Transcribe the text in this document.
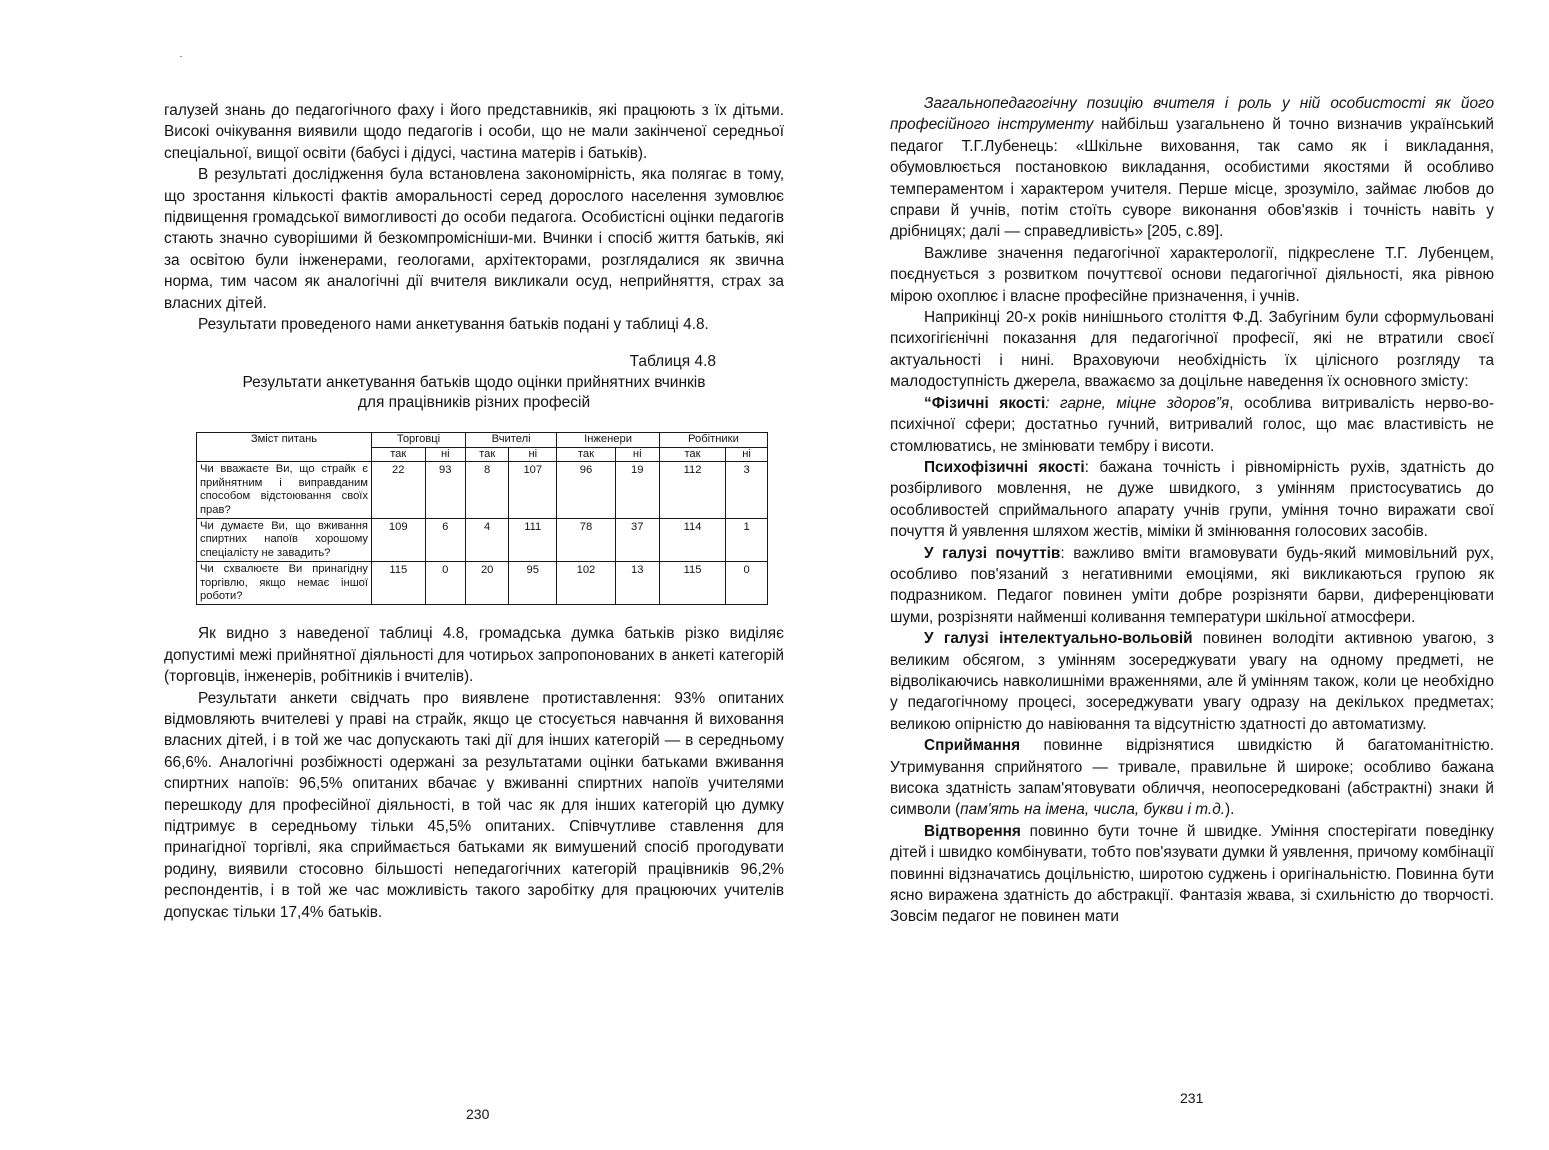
галузей знань до педагогічного фаху і його представників, які працюють з їх дітьми. Високі очікування виявили щодо педагогів і особи, що не мали закінченої середньої спеціальної, вищої освіти (бабусі і дідусі, частина матерів і батьків).

В результаті дослідження була встановлена закономірність, яка полягає в тому, що зростання кількості фактів аморальності серед дорослого населення зумовлює підвищення громадської вимогливості до особи педагога. Особистісні оцінки педагогів стають значно суворішими й безкомпромісніши-ми. Вчинки і спосіб життя батьків, які за освітою були інженерами, геологами, архітекторами, розглядалися як звична норма, тим часом як аналогічні дії вчителя викликали осуд, неприйняття, страх за власних дітей.

Результати проведеного нами анкетування батьків подані у таблиці 4.8.

Таблиця 4.8
Результати анкетування батьків щодо оцінки прийнятних вчинків
для працівників різних професій
Зміст питань	Торговці		Вчителі		Інженери		Робітники	
	так	ні	так	ні	так	ні	так	ні
Чи вважаєте Ви, що страйк є прийнятним і виправданим способом відстоювання своїх прав?	22	93	8	107	96	19	112	3
Чи думаєте Ви, що вживання спиртних напоїв хорошому спеціалісту не завадить?	109	6	4	111	78	37	114	1
Чи схвалюєте Ви принагідну торгівлю, якщо немає іншої роботи?	115	0	20	95	102	13	115	0

Як видно з наведеної таблиці 4.8, громадська думка батьків різко виділяє допустимі межі прийнятної діяльності для чотирьох запропонованих в анкеті категорій (торговців, інженерів, робітників і вчителів).

Результати анкети свідчать про виявлене протиставлення: 93% опитаних відмовляють вчителеві у праві на страйк, якщо це стосується навчання й виховання власних дітей, і в той же час допускають такі дії для інших категорій — в середньому 66,6%. Аналогічні розбіжності одержані за результатами оцінки батьками вживання спиртних напоїв: 96,5% опитаних вбачає у вживанні спиртних напоїв учителями перешкоду для професійної діяльності, в той час як для інших категорій цю думку підтримує в середньому тільки 45,5% опитаних. Співчутливе ставлення для принагідної торгівлі, яка сприймається батьками як вимушений спосіб прогодувати родину, виявили стосовно більшості непедагогічних категорій працівників 96,2% респондентів, і в той же час можливість такого заробітку для працюючих учителів допускає тільки 17,4% батьків.

230

Загальнопедагогічну позицію вчителя і роль у ній особистості як його професійного інструменту найбільш узагальнено й точно визначив український педагог Т.Г.Лубенець: «Шкільне виховання, так само як і викладання, обумовлюється постановкою викладання, особистими якостями й особливо темпераментом і характером учителя. Перше місце, зрозуміло, займає любов до справи й учнів, потім стоїть суворе виконання обов'язків і точність навіть у дрібницях; далі — справедливість» [205, с.89].

Важливе значення педагогічної характерології, підкреслене Т.Г. Лубенцем, поєднується з розвитком почуттєвої основи педагогічної діяльності, яка рівною мірою охоплює і власне професійне призначення, і учнів.

Наприкінці 20-х років нинішнього століття Ф.Д. Забугіним були сформульовані психогігієнічні показання для педагогічної професії, які не втратили своєї актуальності і нині. Враховуючи необхідність їх цілісного розгляду та малодоступність джерела, вважаємо за доцільне наведення їх основного змісту:

“Фізичні якості: гарне, міцне здоров”я, особлива витривалість нерво-во-психічної сфери; достатньо гучний, витривалий голос, що має властивість не стомлюватись, не змінювати тембру і висоти.

Психофізичні якості: бажана точність і рівномірність рухів, здатність до розбірливого мовлення, не дуже швидкого, з умінням пристосуватись до особливостей сприймального апарату учнів групи, уміння точно виражати свої почуття й уявлення шляхом жестів, міміки й змінювання голосових засобів.

У галузі почуттів: важливо вміти вгамовувати будь-який мимовільний рух, особливо пов'язаний з негативними емоціями, які викликаються групою як подразником. Педагог повинен уміти добре розрізняти барви, диференціювати шуми, розрізняти найменші коливання температури шкільної атмосфери.

У галузі інтелектуально-вольовій повинен володіти активною увагою, з великим обсягом, з умінням зосереджувати увагу на одному предметі, не відволікаючись навколишніми враженнями, але й умінням також, коли це необхідно у педагогічному процесі, зосереджувати увагу одразу на декількох предметах; великою опірністю до навіювання та відсутністю здатності до автоматизму.

Сприймання повинне відрізнятися швидкістю й багатоманітністю. Утримування сприйнятого — тривале, правильне й широке; особливо бажана висока здатність запам'ятовувати обличчя, неопосередковані (абстрактні) знаки й символи (пам'ять на імена, числа, букви і т.д.).

Відтворення повинно бути точне й швидке. Уміння спостерігати поведінку дітей і швидко комбінувати, тобто пов'язувати думки й уявлення, причому комбінації повинні відзначатись доцільністю, широтою суджень і оригінальністю. Повинна бути ясно виражена здатність до абстракції. Фантазія жвава, зі схильністю до творчості. Зовсім педагог не повинен мати

231
